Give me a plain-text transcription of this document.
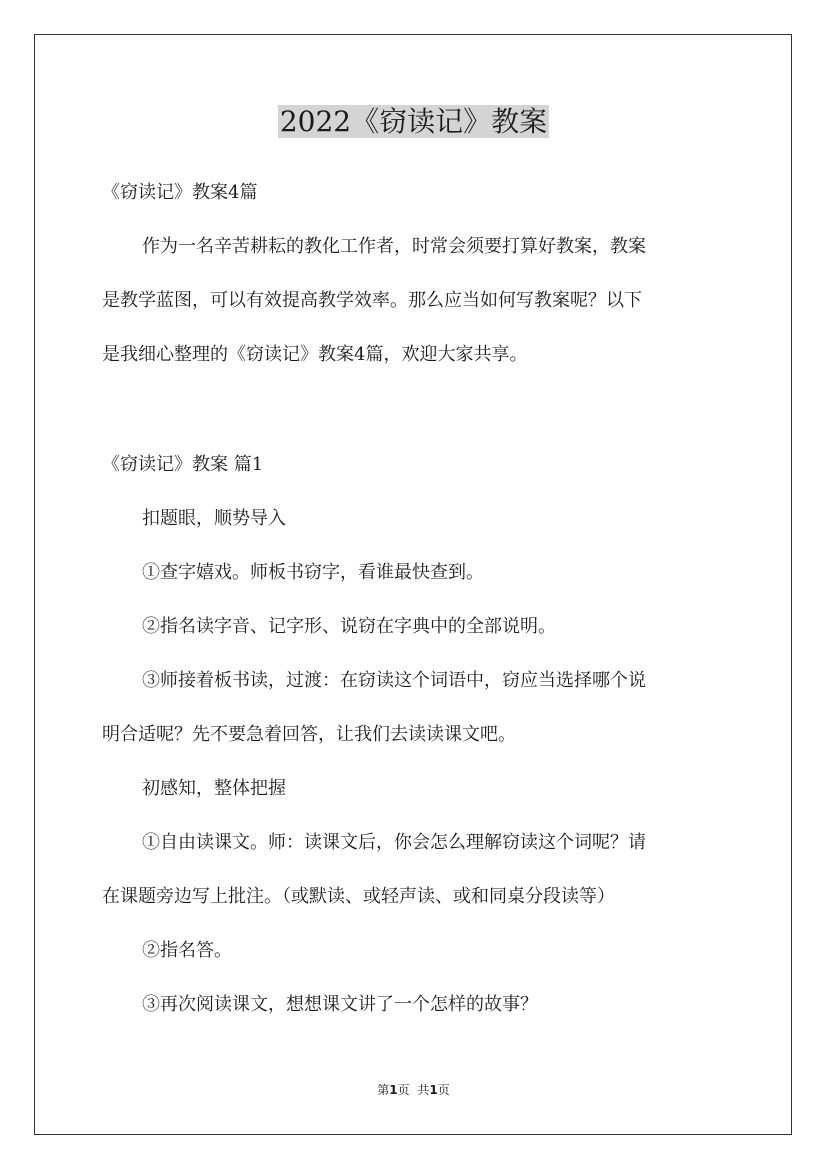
2022《窃读记》教案
《窃读记》教案4篇
作为一名辛苦耕耘的教化工作者，时常会须要打算好教案，教案
是教学蓝图，可以有效提高教学效率。那么应当如何写教案呢？以下
是我细心整理的《窃读记》教案4篇，欢迎大家共享。
《窃读记》教案 篇1
扣题眼，顺势导入
①查字嬉戏。师板书窃字，看谁最快查到。
②指名读字音、记字形、说窃在字典中的全部说明。
③师接着板书读，过渡：在窃读这个词语中，窃应当选择哪个说
明合适呢？先不要急着回答，让我们去读读课文吧。
初感知，整体把握
①自由读课文。师：读课文后，你会怎么理解窃读这个词呢？请
在课题旁边写上批注。（或默读、或轻声读、或和同桌分段读等）
②指名答。
③再次阅读课文，想想课文讲了一个怎样的故事？
第1页 共1页
